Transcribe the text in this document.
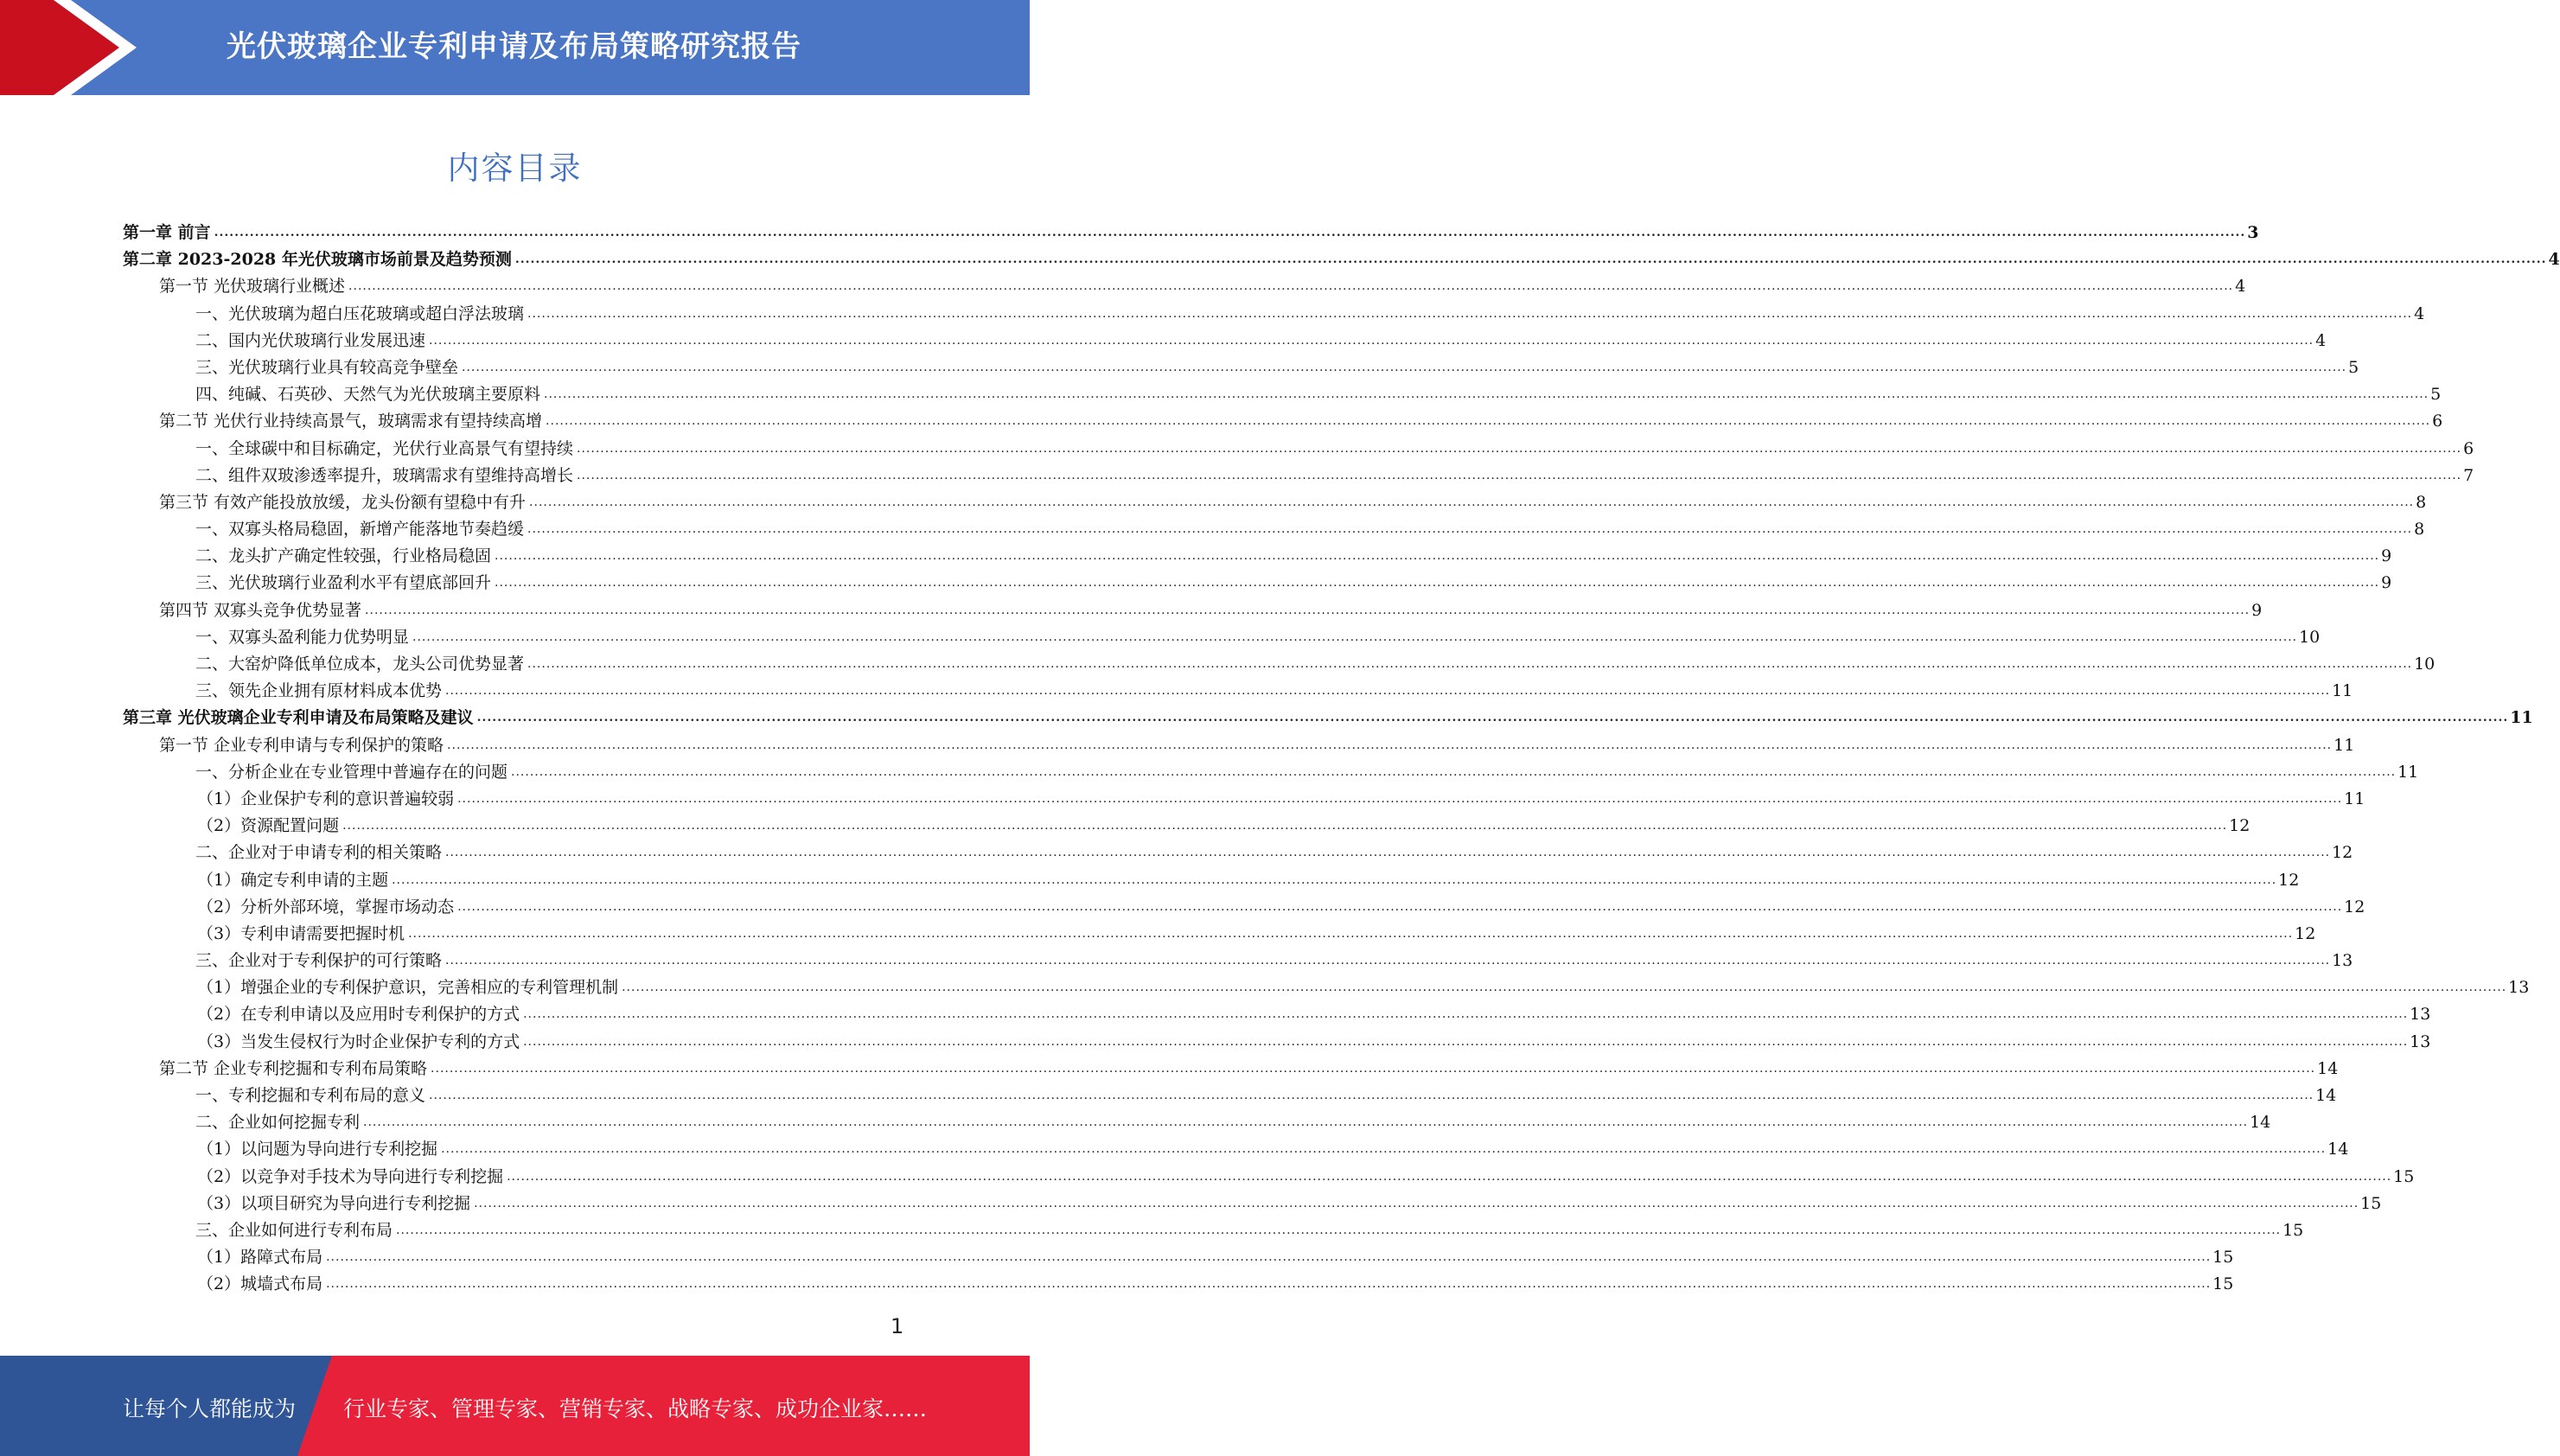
光伏玻璃企业专利申请及布局策略研究报告
内容目录
第一章 前言 ................................................................................................................................................................................................................................................................................................................................................................................................................ 3
第二章 2023-2028 年光伏玻璃市场前景及趋势预测 ................................................................................................................................................................................................................................................................................................................................................................................................................ 4
第一节 光伏玻璃行业概述 ................................................................................................................................................................................................................................................................................................................................................................................................................ 4
一、光伏玻璃为超白压花玻璃或超白浮法玻璃 ................................................................................................................................................................................................................................................................................................................................................................................................................ 4
二、国内光伏玻璃行业发展迅速 ................................................................................................................................................................................................................................................................................................................................................................................................................ 4
三、光伏玻璃行业具有较高竞争壁垒 ................................................................................................................................................................................................................................................................................................................................................................................................................ 5
四、纯碱、石英砂、天然气为光伏玻璃主要原料 ................................................................................................................................................................................................................................................................................................................................................................................................................ 5
第二节 光伏行业持续高景气，玻璃需求有望持续高增 ................................................................................................................................................................................................................................................................................................................................................................................................................ 6
一、全球碳中和目标确定，光伏行业高景气有望持续 ................................................................................................................................................................................................................................................................................................................................................................................................................ 6
二、组件双玻渗透率提升，玻璃需求有望维持高增长 ................................................................................................................................................................................................................................................................................................................................................................................................................ 7
第三节 有效产能投放放缓，龙头份额有望稳中有升 ................................................................................................................................................................................................................................................................................................................................................................................................................ 8
一、双寡头格局稳固，新增产能落地节奏趋缓 ................................................................................................................................................................................................................................................................................................................................................................................................................ 8
二、龙头扩产确定性较强，行业格局稳固 ................................................................................................................................................................................................................................................................................................................................................................................................................ 9
三、光伏玻璃行业盈利水平有望底部回升 ................................................................................................................................................................................................................................................................................................................................................................................................................ 9
第四节 双寡头竞争优势显著 ................................................................................................................................................................................................................................................................................................................................................................................................................ 9
一、双寡头盈利能力优势明显 ................................................................................................................................................................................................................................................................................................................................................................................................................ 10
二、大窑炉降低单位成本，龙头公司优势显著 ................................................................................................................................................................................................................................................................................................................................................................................................................ 10
三、领先企业拥有原材料成本优势 ................................................................................................................................................................................................................................................................................................................................................................................................................ 11
第三章 光伏玻璃企业专利申请及布局策略及建议 ................................................................................................................................................................................................................................................................................................................................................................................................................ 11
第一节 企业专利申请与专利保护的策略 ................................................................................................................................................................................................................................................................................................................................................................................................................ 11
一、分析企业在专业管理中普遍存在的问题 ................................................................................................................................................................................................................................................................................................................................................................................................................ 11
（1）企业保护专利的意识普遍较弱 ................................................................................................................................................................................................................................................................................................................................................................................................................ 11
（2）资源配置问题 ................................................................................................................................................................................................................................................................................................................................................................................................................ 12
二、企业对于申请专利的相关策略 ................................................................................................................................................................................................................................................................................................................................................................................................................ 12
（1）确定专利申请的主题 ................................................................................................................................................................................................................................................................................................................................................................................................................ 12
（2）分析外部环境，掌握市场动态 ................................................................................................................................................................................................................................................................................................................................................................................................................ 12
（3）专利申请需要把握时机 ................................................................................................................................................................................................................................................................................................................................................................................................................ 12
三、企业对于专利保护的可行策略 ................................................................................................................................................................................................................................................................................................................................................................................................................ 13
（1）增强企业的专利保护意识，完善相应的专利管理机制 ................................................................................................................................................................................................................................................................................................................................................................................................................ 13
（2）在专利申请以及应用时专利保护的方式 ................................................................................................................................................................................................................................................................................................................................................................................................................ 13
（3）当发生侵权行为时企业保护专利的方式 ................................................................................................................................................................................................................................................................................................................................................................................................................ 13
第二节 企业专利挖掘和专利布局策略 ................................................................................................................................................................................................................................................................................................................................................................................................................ 14
一、专利挖掘和专利布局的意义 ................................................................................................................................................................................................................................................................................................................................................................................................................ 14
二、企业如何挖掘专利 ................................................................................................................................................................................................................................................................................................................................................................................................................ 14
（1）以问题为导向进行专利挖掘 ................................................................................................................................................................................................................................................................................................................................................................................................................ 14
（2）以竞争对手技术为导向进行专利挖掘 ................................................................................................................................................................................................................................................................................................................................................................................................................ 15
（3）以项目研究为导向进行专利挖掘 ................................................................................................................................................................................................................................................................................................................................................................................................................ 15
三、企业如何进行专利布局 ................................................................................................................................................................................................................................................................................................................................................................................................................ 15
（1）路障式布局 ................................................................................................................................................................................................................................................................................................................................................................................................................ 15
（2）城墙式布局 ................................................................................................................................................................................................................................................................................................................................................................................................................ 15
1
让每个人都能成为 行业专家、管理专家、营销专家、战略专家、成功企业家……
